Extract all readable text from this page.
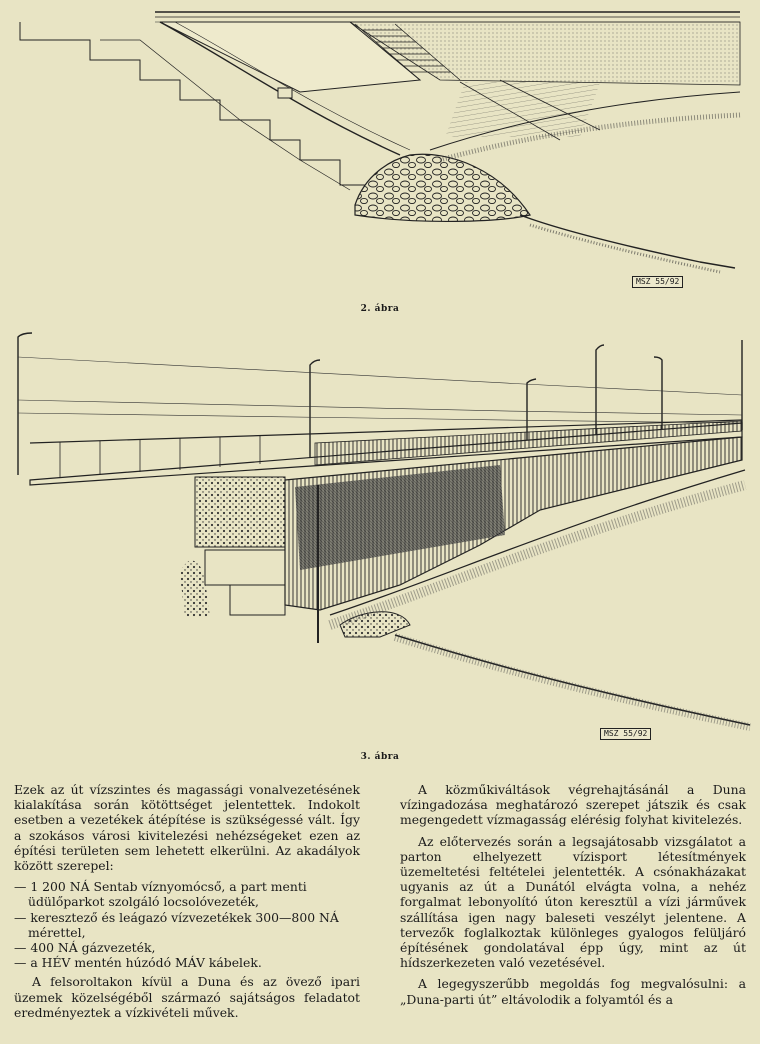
2. ábra
MSZ 55/92
3. ábra
MSZ 55/92

Ezek az út vízszintes és magassági vonalvezetésének kialakítása során kötöttséget jelentettek. Indokolt esetben a vezetékek átépítése is szükségessé vált. Így a szokásos városi kivitelezési nehézségeket ezen az építési területen sem lehetett elkerülni. Az akadályok között szerepel:

— 1 200 NÁ Sentab víznyomócső, a part menti üdülőparkot szolgáló locsolóvezeték,

— keresztező és leágazó vízvezetékek 300—800 NÁ mérettel,

— 400 NÁ gázvezeték,

— a HÉV mentén húzódó MÁV kábelek.

A felsoroltakon kívül a Duna és az övező ipari üzemek közelségéből származó sajátságos feladatot eredményeztek a vízkivételi művek.

A közműkiváltások végrehajtásánál a Duna vízingadozása meghatározó szerepet játszik és csak megengedett vízmagasság elérésig folyhat kivitelezés.

Az előtervezés során a legsajátosabb vizsgálatot a parton elhelyezett vízisport létesítmények üzemeltetési feltételei jelentették. A csónakházakat ugyanis az út a Dunától elvágta volna, a nehéz forgalmat lebonyolító úton keresztül a vízi járművek szállítása igen nagy baleseti veszélyt jelentene. A tervezők foglalkoztak különleges gyalogos felüljáró építésének gondolatával épp úgy, mint az út hídszerkezeten való vezetésével.

A legegyszerűbb megoldás fog megvalósulni: a „Duna-parti út” eltávolodik a folyamtól és a
